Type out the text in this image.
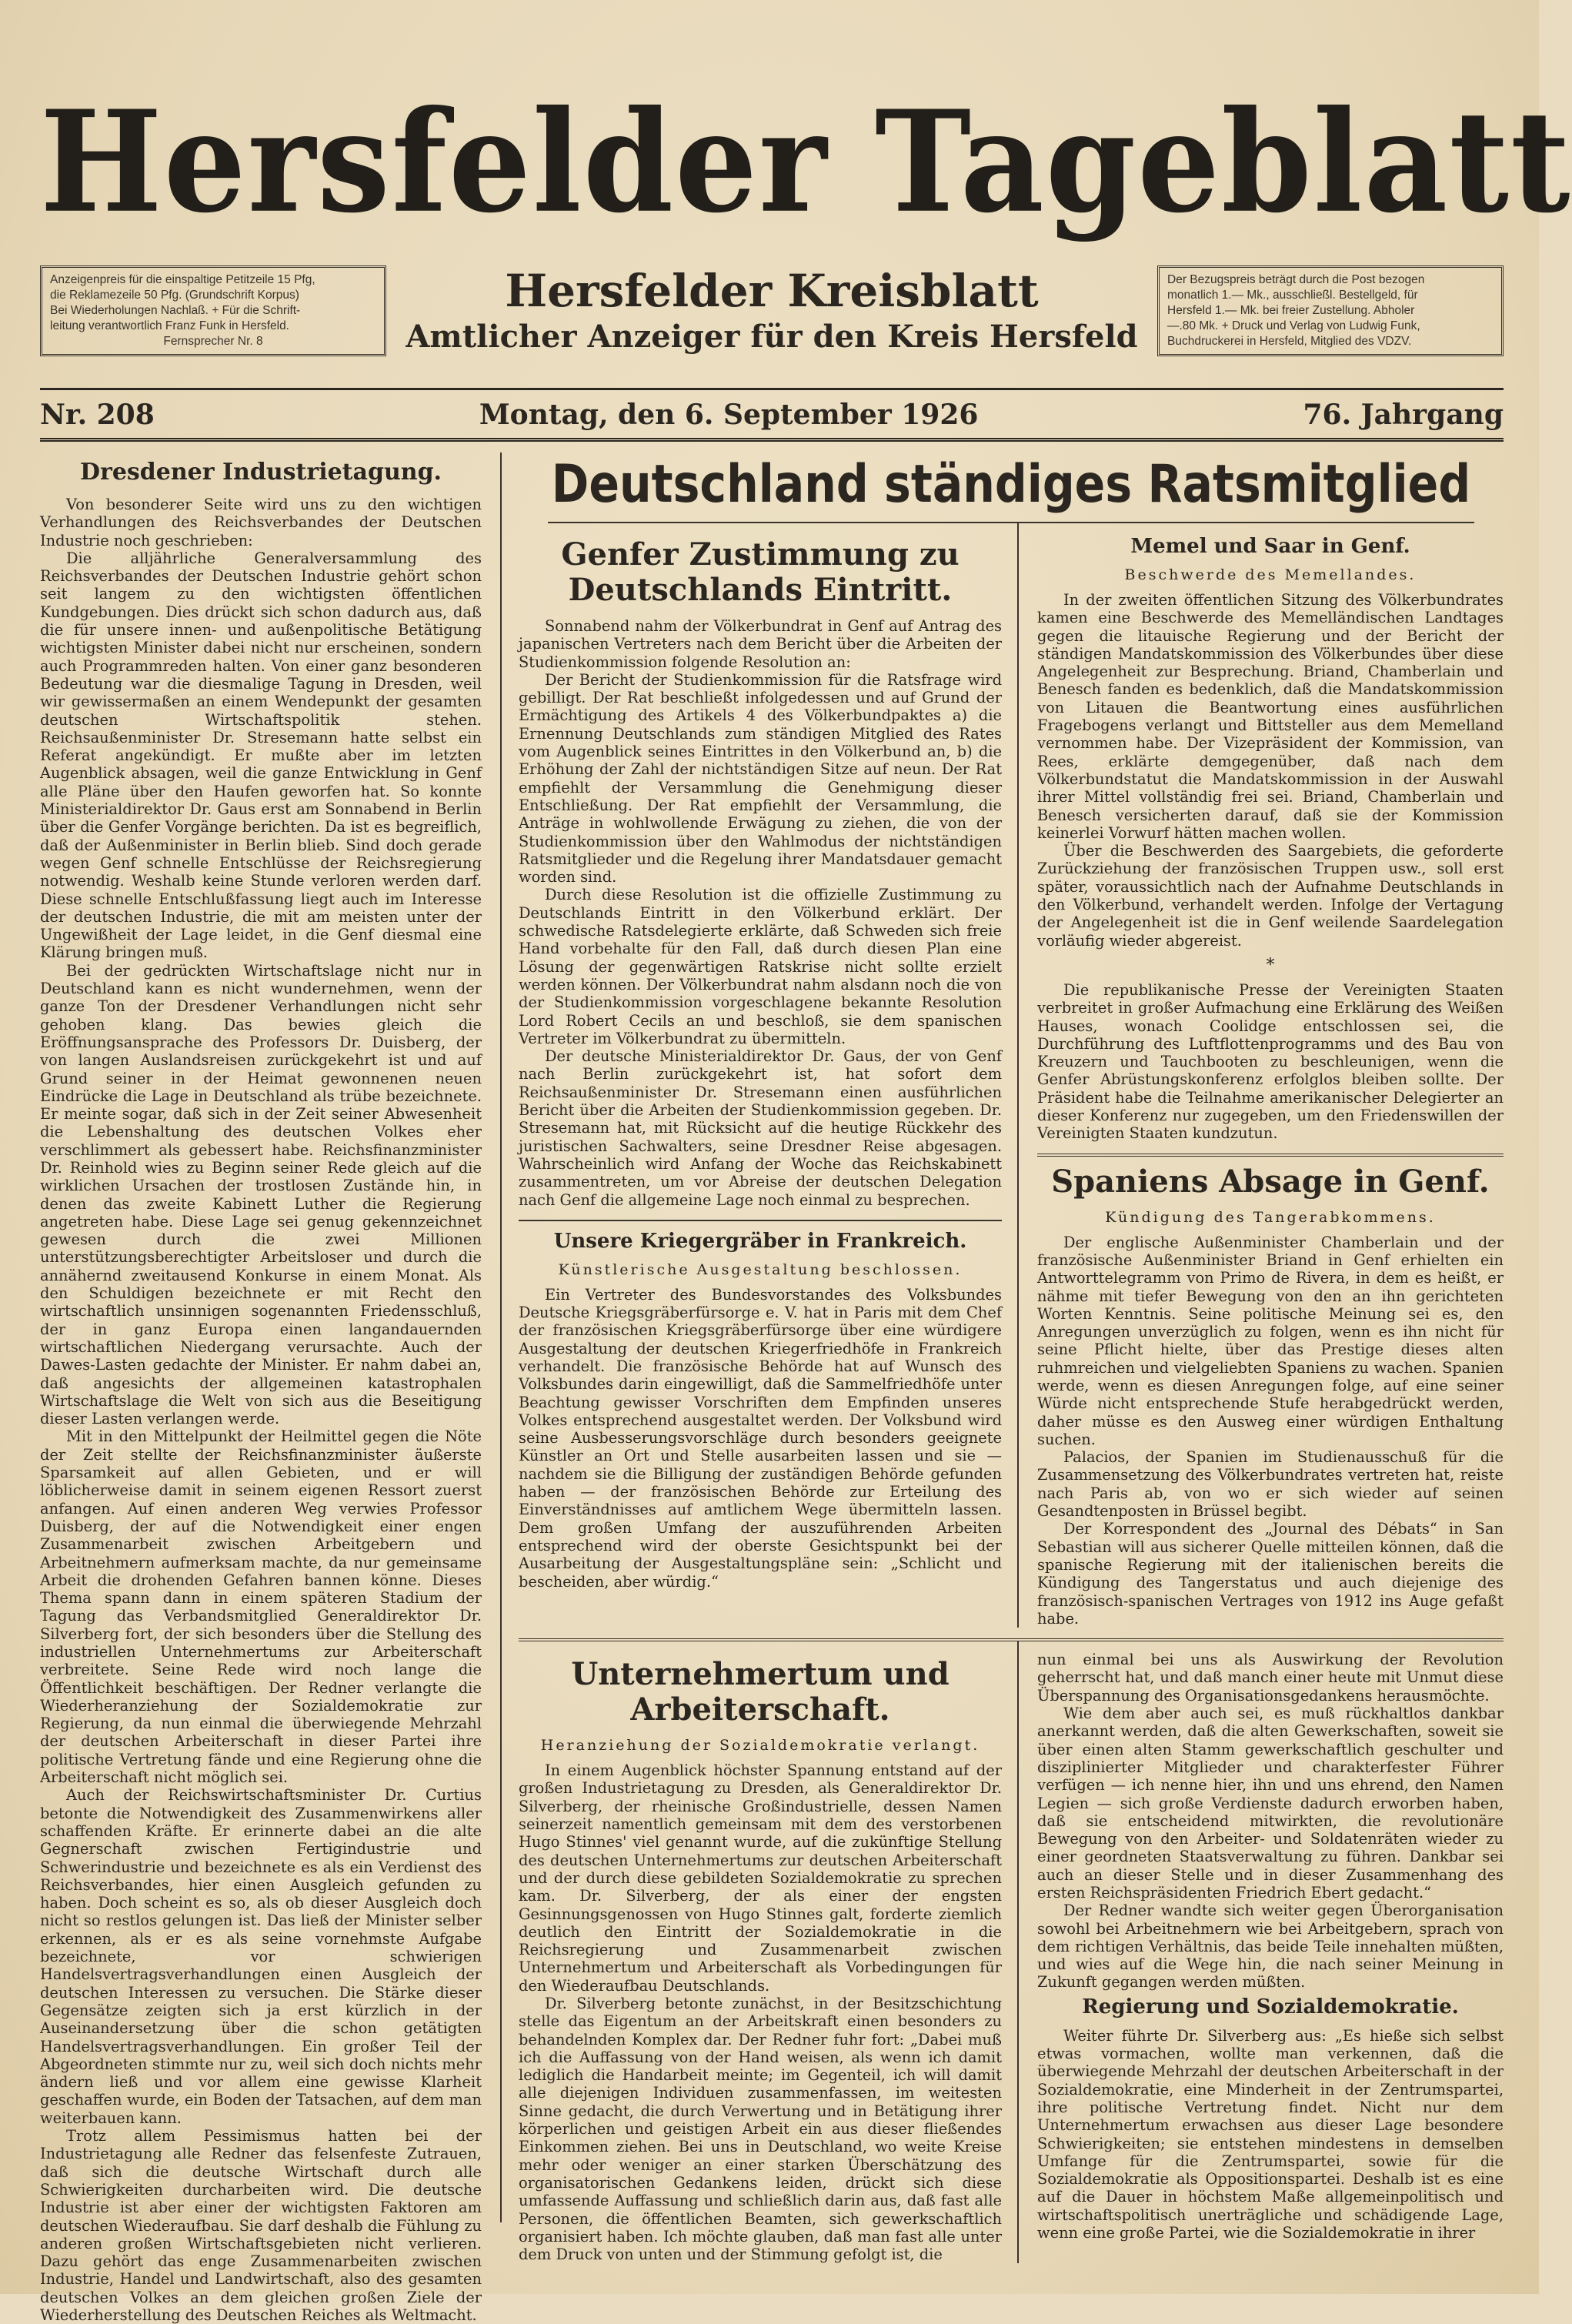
Hersfelder Tageblatt

Anzeigenpreis für die einspaltige Petitzeile 15 Pfg,

die Reklamezeile 50 Pfg. (Grundschrift Korpus)

Bei Wiederholungen Nachlaß. + Für die Schrift-

leitung verantwortlich Franz Funk in Hersfeld.

Fernsprecher Nr. 8

Hersfelder Kreisblatt
Amtlicher Anzeiger für den Kreis Hersfeld

Der Bezugspreis beträgt durch die Post bezogen

monatlich 1.— Mk., ausschließl. Bestellgeld, für

Hersfeld 1.— Mk. bei freier Zustellung. Abholer

—.80 Mk. + Druck und Verlag von Ludwig Funk,

Buchdruckerei in Hersfeld, Mitglied des VDZV.

Nr. 208	Montag, den 6. September 1926	76. Jahrgang
Dresdener Industrietagung.

Von besonderer Seite wird uns zu den wichtigen Verhandlungen des Reichsverbandes der Deutschen Industrie noch geschrieben:

Die alljährliche Generalversammlung des Reichsverbandes der Deutschen Industrie gehört schon seit langem zu den wichtigsten öffentlichen Kundgebungen. Dies drückt sich schon dadurch aus, daß die für unsere innen- und außenpolitische Betätigung wichtigsten Minister dabei nicht nur erscheinen, sondern auch Programmreden halten. Von einer ganz besonderen Bedeutung war die diesmalige Tagung in Dresden, weil wir gewissermaßen an einem Wendepunkt der gesamten deutschen Wirtschaftspolitik stehen. Reichsaußenminister Dr. Stresemann hatte selbst ein Referat angekündigt. Er mußte aber im letzten Augenblick absagen, weil die ganze Entwicklung in Genf alle Pläne über den Haufen geworfen hat. So konnte Ministerialdirektor Dr. Gaus erst am Sonnabend in Berlin über die Genfer Vorgänge berichten. Da ist es begreiflich, daß der Außenminister in Berlin blieb. Sind doch gerade wegen Genf schnelle Entschlüsse der Reichsregierung notwendig. Weshalb keine Stunde verloren werden darf. Diese schnelle Entschlußfassung liegt auch im Interesse der deutschen Industrie, die mit am meisten unter der Ungewißheit der Lage leidet, in die Genf diesmal eine Klärung bringen muß.

Bei der gedrückten Wirtschaftslage nicht nur in Deutschland kann es nicht wundernehmen, wenn der ganze Ton der Dresdener Verhandlungen nicht sehr gehoben klang. Das bewies gleich die Eröffnungsansprache des Professors Dr. Duisberg, der von langen Auslandsreisen zurückgekehrt ist und auf Grund seiner in der Heimat gewonnenen neuen Eindrücke die Lage in Deutschland als trübe bezeichnete. Er meinte sogar, daß sich in der Zeit seiner Abwesenheit die Lebenshaltung des deutschen Volkes eher verschlimmert als gebessert habe. Reichsfinanzminister Dr. Reinhold wies zu Beginn seiner Rede gleich auf die wirklichen Ursachen der trostlosen Zustände hin, in denen das zweite Kabinett Luther die Regierung angetreten habe. Diese Lage sei genug gekennzeichnet gewesen durch die zwei Millionen unterstützungsberechtigter Arbeitsloser und durch die annähernd zweitausend Konkurse in einem Monat. Als den Schuldigen bezeichnete er mit Recht den wirtschaftlich unsinnigen sogenannten Friedensschluß, der in ganz Europa einen langandauernden wirtschaftlichen Niedergang verursachte. Auch der Dawes-Lasten gedachte der Minister. Er nahm dabei an, daß angesichts der allgemeinen katastrophalen Wirtschaftslage die Welt von sich aus die Beseitigung dieser Lasten verlangen werde.

Mit in den Mittelpunkt der Heilmittel gegen die Nöte der Zeit stellte der Reichsfinanzminister äußerste Sparsamkeit auf allen Gebieten, und er will löblicherweise damit in seinem eigenen Ressort zuerst anfangen. Auf einen anderen Weg verwies Professor Duisberg, der auf die Notwendigkeit einer engen Zusammenarbeit zwischen Arbeitgebern und Arbeitnehmern aufmerksam machte, da nur gemeinsame Arbeit die drohenden Gefahren bannen könne. Dieses Thema spann dann in einem späteren Stadium der Tagung das Verbandsmitglied Generaldirektor Dr. Silverberg fort, der sich besonders über die Stellung des industriellen Unternehmertums zur Arbeiterschaft verbreitete. Seine Rede wird noch lange die Öffentlichkeit beschäftigen. Der Redner verlangte die Wiederheranziehung der Sozialdemokratie zur Regierung, da nun einmal die überwiegende Mehrzahl der deutschen Arbeiterschaft in dieser Partei ihre politische Vertretung fände und eine Regierung ohne die Arbeiterschaft nicht möglich sei.

Auch der Reichswirtschaftsminister Dr. Curtius betonte die Notwendigkeit des Zusammenwirkens aller schaffenden Kräfte. Er erinnerte dabei an die alte Gegnerschaft zwischen Fertigindustrie und Schwerindustrie und bezeichnete es als ein Verdienst des Reichsverbandes, hier einen Ausgleich gefunden zu haben. Doch scheint es so, als ob dieser Ausgleich doch nicht so restlos gelungen ist. Das ließ der Minister selber erkennen, als er es als seine vornehmste Aufgabe bezeichnete, vor schwierigen Handelsvertragsverhandlungen einen Ausgleich der deutschen Interessen zu versuchen. Die Stärke dieser Gegensätze zeigten sich ja erst kürzlich in der Auseinandersetzung über die schon getätigten Handelsvertragsverhandlungen. Ein großer Teil der Abgeordneten stimmte nur zu, weil sich doch nichts mehr ändern ließ und vor allem eine gewisse Klarheit geschaffen wurde, ein Boden der Tatsachen, auf dem man weiterbauen kann.

Trotz allem Pessimismus hatten bei der Industrietagung alle Redner das felsenfeste Zutrauen, daß sich die deutsche Wirtschaft durch alle Schwierigkeiten durcharbeiten wird. Die deutsche Industrie ist aber einer der wichtigsten Faktoren am deutschen Wiederaufbau. Sie darf deshalb die Fühlung zu anderen großen Wirtschaftsgebieten nicht verlieren. Dazu gehört das enge Zusammenarbeiten zwischen Industrie, Handel und Landwirtschaft, also des gesamten deutschen Volkes an dem gleichen großen Ziele der Wiederherstellung des Deutschen Reiches als Weltmacht.

Deutschland ständiges Ratsmitglied
Genfer Zustimmung zu Deutschlands Eintritt.

Sonnabend nahm der Völkerbundrat in Genf auf Antrag des japanischen Vertreters nach dem Bericht über die Arbeiten der Studienkommission folgende Resolution an:

Der Bericht der Studienkommission für die Ratsfrage wird gebilligt. Der Rat beschließt infolgedessen und auf Grund der Ermächtigung des Artikels 4 des Völkerbundpaktes a) die Ernennung Deutschlands zum ständigen Mitglied des Rates vom Augenblick seines Eintrittes in den Völkerbund an, b) die Erhöhung der Zahl der nichtständigen Sitze auf neun. Der Rat empfiehlt der Versammlung die Genehmigung dieser Entschließung. Der Rat empfiehlt der Versammlung, die Anträge in wohlwollende Erwägung zu ziehen, die von der Studienkommission über den Wahlmodus der nichtständigen Ratsmitglieder und die Regelung ihrer Mandatsdauer gemacht worden sind.

Durch diese Resolution ist die offizielle Zustimmung zu Deutschlands Eintritt in den Völkerbund erklärt. Der schwedische Ratsdelegierte erklärte, daß Schweden sich freie Hand vorbehalte für den Fall, daß durch diesen Plan eine Lösung der gegenwärtigen Ratskrise nicht sollte erzielt werden können. Der Völkerbundrat nahm alsdann noch die von der Studienkommission vorgeschlagene bekannte Resolution Lord Robert Cecils an und beschloß, sie dem spanischen Vertreter im Völkerbundrat zu übermitteln.

Der deutsche Ministerialdirektor Dr. Gaus, der von Genf nach Berlin zurückgekehrt ist, hat sofort dem Reichsaußenminister Dr. Stresemann einen ausführlichen Bericht über die Arbeiten der Studienkommission gegeben. Dr. Stresemann hat, mit Rücksicht auf die heutige Rückkehr des juristischen Sachwalters, seine Dresdner Reise abgesagen. Wahrscheinlich wird Anfang der Woche das Reichskabinett zusammentreten, um vor Abreise der deutschen Delegation nach Genf die allgemeine Lage noch einmal zu besprechen.

Unsere Kriegergräber in Frankreich.
Künstlerische Ausgestaltung beschlossen.

Ein Vertreter des Bundesvorstandes des Volksbundes Deutsche Kriegsgräberfürsorge e. V. hat in Paris mit dem Chef der französischen Kriegsgräberfürsorge über eine würdigere Ausgestaltung der deutschen Kriegerfriedhöfe in Frankreich verhandelt. Die französische Behörde hat auf Wunsch des Volksbundes darin eingewilligt, daß die Sammelfriedhöfe unter Beachtung gewisser Vorschriften dem Empfinden unseres Volkes entsprechend ausgestaltet werden. Der Volksbund wird seine Ausbesserungsvorschläge durch besonders geeignete Künstler an Ort und Stelle ausarbeiten lassen und sie — nachdem sie die Billigung der zuständigen Behörde gefunden haben — der französischen Behörde zur Erteilung des Einverständnisses auf amtlichem Wege übermitteln lassen. Dem großen Umfang der auszuführenden Arbeiten entsprechend wird der oberste Gesichtspunkt bei der Ausarbeitung der Ausgestaltungspläne sein: „Schlicht und bescheiden, aber würdig.“

Memel und Saar in Genf.
Beschwerde des Memellandes.

In der zweiten öffentlichen Sitzung des Völkerbundrates kamen eine Beschwerde des Memelländischen Landtages gegen die litauische Regierung und der Bericht der ständigen Mandatskommission des Völkerbundes über diese Angelegenheit zur Besprechung. Briand, Chamberlain und Benesch fanden es bedenklich, daß die Mandatskommission von Litauen die Beantwortung eines ausführlichen Fragebogens verlangt und Bittsteller aus dem Memelland vernommen habe. Der Vizepräsident der Kommission, van Rees, erklärte demgegenüber, daß nach dem Völkerbundstatut die Mandatskommission in der Auswahl ihrer Mittel vollständig frei sei. Briand, Chamberlain und Benesch versicherten darauf, daß sie der Kommission keinerlei Vorwurf hätten machen wollen.

Über die Beschwerden des Saargebiets, die geforderte Zurückziehung der französischen Truppen usw., soll erst später, voraussichtlich nach der Aufnahme Deutschlands in den Völkerbund, verhandelt werden. Infolge der Vertagung der Angelegenheit ist die in Genf weilende Saardelegation vorläufig wieder abgereist.

*

Die republikanische Presse der Vereinigten Staaten verbreitet in großer Aufmachung eine Erklärung des Weißen Hauses, wonach Coolidge entschlossen sei, die Durchführung des Luftflottenprogramms und des Bau von Kreuzern und Tauchbooten zu beschleunigen, wenn die Genfer Abrüstungskonferenz erfolglos bleiben sollte. Der Präsident habe die Teilnahme amerikanischer Delegierter an dieser Konferenz nur zugegeben, um den Friedenswillen der Vereinigten Staaten kundzutun.

Spaniens Absage in Genf.
Kündigung des Tangerabkommens.

Der englische Außenminister Chamberlain und der französische Außenminister Briand in Genf erhielten ein Antworttelegramm von Primo de Rivera, in dem es heißt, er nähme mit tiefer Bewegung von den an ihn gerichteten Worten Kenntnis. Seine politische Meinung sei es, den Anregungen unverzüglich zu folgen, wenn es ihn nicht für seine Pflicht hielte, über das Prestige dieses alten ruhmreichen und vielgeliebten Spaniens zu wachen. Spanien werde, wenn es diesen Anregungen folge, auf eine seiner Würde nicht entsprechende Stufe herabgedrückt werden, daher müsse es den Ausweg einer würdigen Enthaltung suchen.

Palacios, der Spanien im Studienausschuß für die Zusammensetzung des Völkerbundrates vertreten hat, reiste nach Paris ab, von wo er sich wieder auf seinen Gesandtenposten in Brüssel begibt.

Der Korrespondent des „Journal des Débats“ in San Sebastian will aus sicherer Quelle mitteilen können, daß die spanische Regierung mit der italienischen bereits die Kündigung des Tangerstatus und auch diejenige des französisch-spanischen Vertrages von 1912 ins Auge gefaßt habe.

Unternehmertum und Arbeiterschaft.
Heranziehung der Sozialdemokratie verlangt.

In einem Augenblick höchster Spannung entstand auf der großen Industrietagung zu Dresden, als Generaldirektor Dr. Silverberg, der rheinische Großindustrielle, dessen Namen seinerzeit namentlich gemeinsam mit dem des verstorbenen Hugo Stinnes' viel genannt wurde, auf die zukünftige Stellung des deutschen Unternehmertums zur deutschen Arbeiterschaft und der durch diese gebildeten Sozialdemokratie zu sprechen kam. Dr. Silverberg, der als einer der engsten Gesinnungsgenossen von Hugo Stinnes galt, forderte ziemlich deutlich den Eintritt der Sozialdemokratie in die Reichsregierung und Zusammenarbeit zwischen Unternehmertum und Arbeiterschaft als Vorbedingungen für den Wiederaufbau Deutschlands.

Dr. Silverberg betonte zunächst, in der Besitzschichtung stelle das Eigentum an der Arbeitskraft einen besonders zu behandelnden Komplex dar. Der Redner fuhr fort: „Dabei muß ich die Auffassung von der Hand weisen, als wenn ich damit lediglich die Handarbeit meinte; im Gegenteil, ich will damit alle diejenigen Individuen zusammenfassen, im weitesten Sinne gedacht, die durch Verwertung und in Betätigung ihrer körperlichen und geistigen Arbeit ein aus dieser fließendes Einkommen ziehen. Bei uns in Deutschland, wo weite Kreise mehr oder weniger an einer starken Überschätzung des organisatorischen Gedankens leiden, drückt sich diese umfassende Auffassung und schließlich darin aus, daß fast alle Personen, die öffentlichen Beamten, sich gewerkschaftlich organisiert haben. Ich möchte glauben, daß man fast alle unter dem Druck von unten und der Stimmung gefolgt ist, die

nun einmal bei uns als Auswirkung der Revolution geherrscht hat, und daß manch einer heute mit Unmut diese Überspannung des Organisationsgedankens herausmöchte.

Wie dem aber auch sei, es muß rückhaltlos dankbar anerkannt werden, daß die alten Gewerkschaften, soweit sie über einen alten Stamm gewerkschaftlich geschulter und disziplinierter Mitglieder und charakterfester Führer verfügen — ich nenne hier, ihn und uns ehrend, den Namen Legien — sich große Verdienste dadurch erworben haben, daß sie entscheidend mitwirkten, die revolutionäre Bewegung von den Arbeiter- und Soldatenräten wieder zu einer geordneten Staatsverwaltung zu führen. Dankbar sei auch an dieser Stelle und in dieser Zusammenhang des ersten Reichspräsidenten Friedrich Ebert gedacht.“

Der Redner wandte sich weiter gegen Überorganisation sowohl bei Arbeitnehmern wie bei Arbeitgebern, sprach von dem richtigen Verhältnis, das beide Teile innehalten müßten, und wies auf die Wege hin, die nach seiner Meinung in Zukunft gegangen werden müßten.

Regierung und Sozialdemokratie.

Weiter führte Dr. Silverberg aus: „Es hieße sich selbst etwas vormachen, wollte man verkennen, daß die überwiegende Mehrzahl der deutschen Arbeiterschaft in der Sozialdemokratie, eine Minderheit in der Zentrumspartei, ihre politische Vertretung findet. Nicht nur dem Unternehmertum erwachsen aus dieser Lage besondere Schwierigkeiten; sie entstehen mindestens in demselben Umfange für die Zentrumspartei, sowie für die Sozialdemokratie als Oppositionspartei. Deshalb ist es eine auf die Dauer in höchstem Maße allgemeinpolitisch und wirtschaftspolitisch unerträgliche und schädigende Lage, wenn eine große Partei, wie die Sozialdemokratie in ihrer
